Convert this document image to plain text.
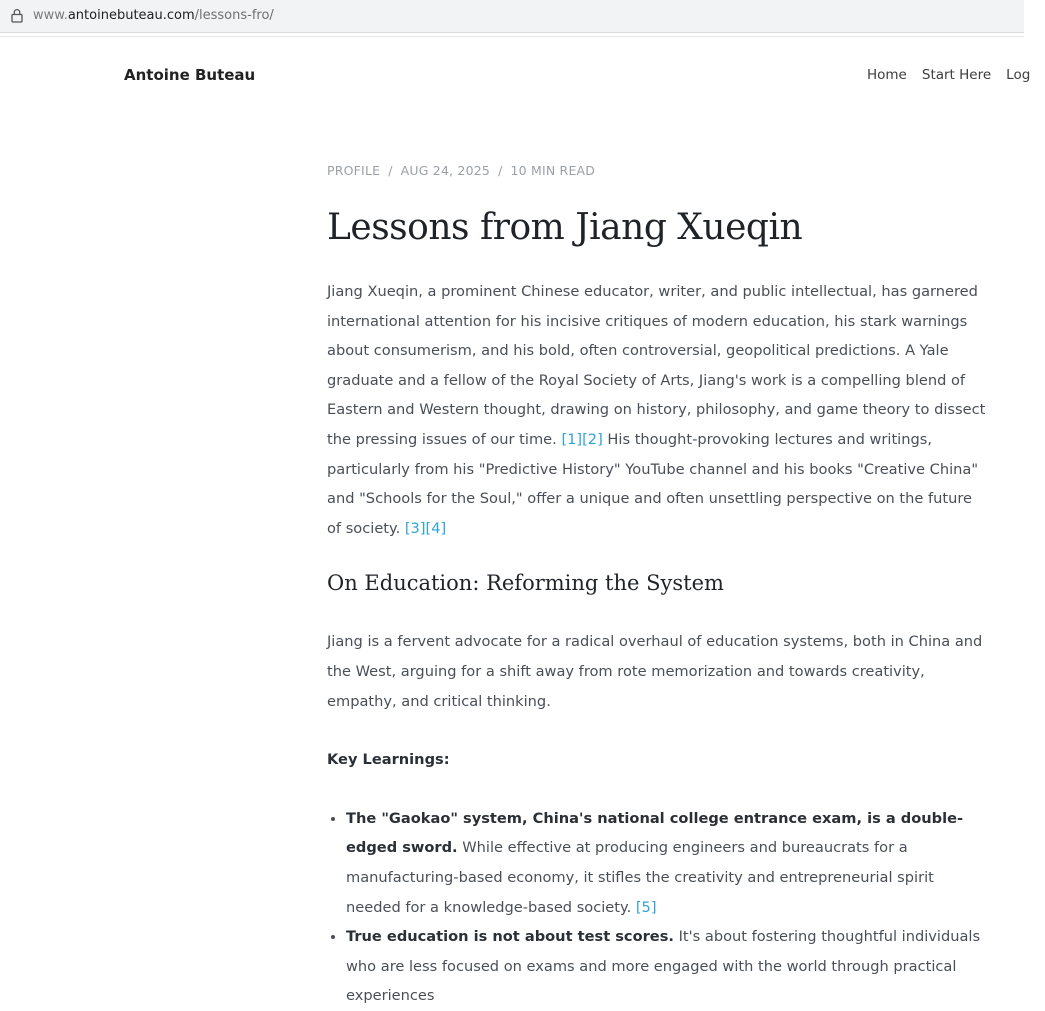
www.antoinebuteau.com/lessons-fro/
Antoine Buteau	Home Start Here Log
PROFILE / AUG 24, 2025 / 10 MIN READ
Lessons from Jiang Xueqin

Jiang Xueqin, a prominent Chinese educator, writer, and public intellectual, has garnered international attention for his incisive critiques of modern education, his stark warnings about consumerism, and his bold, often controversial, geopolitical predictions. A Yale graduate and a fellow of the Royal Society of Arts, Jiang's work is a compelling blend of Eastern and Western thought, drawing on history, philosophy, and game theory to dissect the pressing issues of our time. [1][2] His thought-provoking lectures and writings, particularly from his "Predictive History" YouTube channel and his books "Creative China" and "Schools for the Soul," offer a unique and often unsettling perspective on the future of society. [3][4]

On Education: Reforming the System

Jiang is a fervent advocate for a radical overhaul of education systems, both in China and the West, arguing for a shift away from rote memorization and towards creativity, empathy, and critical thinking.

Key Learnings:
• The "Gaokao" system, China's national college entrance exam, is a double-edged sword. While effective at producing engineers and bureaucrats for a manufacturing-based economy, it stifles the creativity and entrepreneurial spirit needed for a knowledge-based society. [5]
• True education is not about test scores. It's about fostering thoughtful individuals who are less focused on exams and more engaged with the world through practical experiences
